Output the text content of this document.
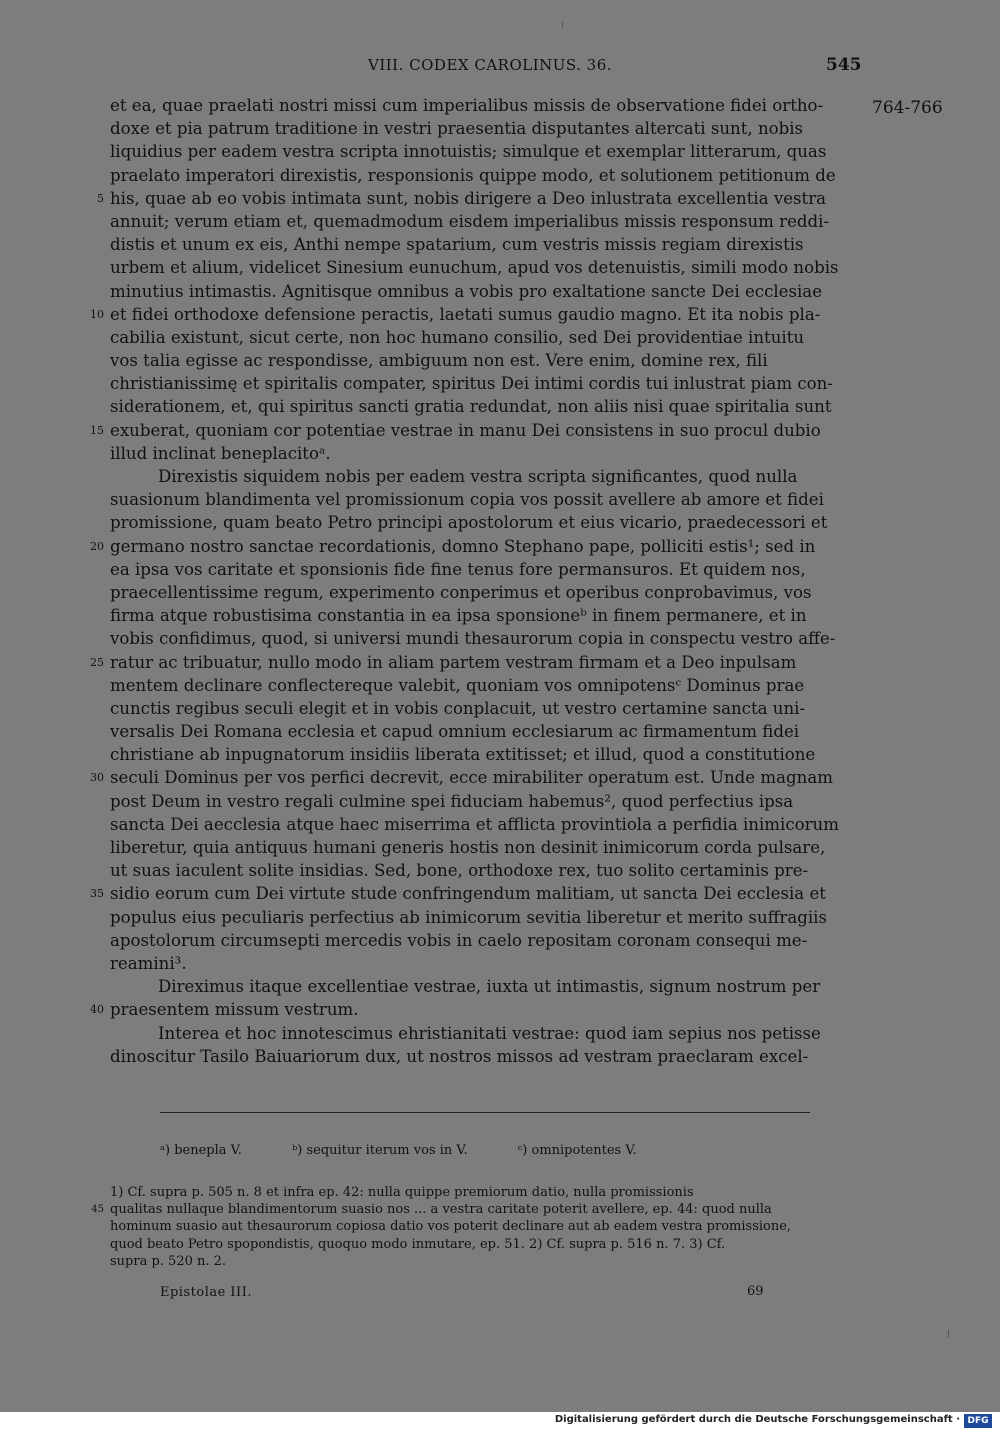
VIII. CODEX CAROLINUS. 36.	545
764-766
et ea, quae praelati nostri missi cum imperialibus missis de observatione fidei ortho-
doxe et pia patrum traditione in vestri praesentia disputantes altercati sunt, nobis
liquidius per eadem vestra scripta innotuistis; simulque et exemplar litterarum, quas
praelato imperatori direxistis, responsionis quippe modo, et solutionem petitionum de
5 his, quae ab eo vobis intimata sunt, nobis dirigere a Deo inlustrata excellentia vestra
annuit; verum etiam et, quemadmodum eisdem imperialibus missis responsum reddi-
distis et unum ex eis, Anthi nempe spatarium, cum vestris missis regiam direxistis
urbem et alium, videlicet Sinesium eunuchum, apud vos detenuistis, simili modo nobis
minutius intimastis. Agnitisque omnibus a vobis pro exaltatione sancte Dei ecclesiae
10 et fidei orthodoxe defensione peractis, laetati sumus gaudio magno. Et ita nobis pla-
cabilia existunt, sicut certe, non hoc humano consilio, sed Dei providentiae intuitu
vos talia egisse ac respondisse, ambiguum non est. Vere enim, domine rex, fili
christianissimę et spiritalis compater, spiritus Dei intimi cordis tui inlustrat piam con-
siderationem, et, qui spiritus sancti gratia redundat, non aliis nisi quae spiritalia sunt
15 exuberat, quoniam cor potentiae vestrae in manu Dei consistens in suo procul dubio
illud inclinat beneplacitoᵃ.
Direxistis siquidem nobis per eadem vestra scripta significantes, quod nulla
suasionum blandimenta vel promissionum copia vos possit avellere ab amore et fidei
promissione, quam beato Petro principi apostolorum et eius vicario, praedecessori et
20 germano nostro sanctae recordationis, domno Stephano pape, polliciti estis¹; sed in
ea ipsa vos caritate et sponsionis fide fine tenus fore permansuros. Et quidem nos,
praecellentissime regum, experimento conperimus et operibus conprobavimus, vos
firma atque robustisima constantia in ea ipsa sponsioneᵇ in finem permanere, et in
vobis confidimus, quod, si universi mundi thesaurorum copia in conspectu vestro affe-
25 ratur ac tribuatur, nullo modo in aliam partem vestram firmam et a Deo inpulsam
mentem declinare conflecterequе valebit, quoniam vos omnipotensᶜ Dominus prae
cunctis regibus seculi elegit et in vobis conplacuit, ut vestro certamine sancta uni-
versalis Dei Romana ecclesia et capud omnium ecclesiarum ac firmamentum fidei
christiane ab inpugnatorum insidiis liberata extitisset; et illud, quod a constitutione
30 seculi Dominus per vos perfici decrevit, ecce mirabiliter operatum est. Unde magnam
post Deum in vestro regali culmine spei fiduciam habemus², quod perfectius ipsa
sancta Dei aecclesia atque haec miserrima et afflicta provintiola a perfidia inimicorum
liberetur, quia antiquus humani generis hostis non desinit inimicorum corda pulsare,
ut suas iaculent solite insidias. Sed, bone, orthodoxe rex, tuo solito certaminis pre-
35 sidio eorum cum Dei virtute stude confringendum malitiam, ut sancta Dei ecclesia et
populus eius peculiaris perfectius ab inimicorum sevitia liberetur et merito suffragiis
apostolorum circumsepti mercedis vobis in caelo repositam coronam consequi me-
reamini³.
Direximus itaque excellentiae vestrae, iuxta ut intimastis, signum nostrum per
40 praesentem missum vestrum.
Interea et hoc innotescimus ehristianitati vestrae: quod iam sepius nos petisse
dinoscitur Tasilo Baiuariorum dux, ut nostros missos ad vestram praeclaram excel-
ᵃ) benepla V.	ᵇ) sequitur iterum vos in V.	ᶜ) omnipotentes V.
1) Cf. supra p. 505 n. 8 et infra ep. 42: nulla quippe premiorum datio, nulla promissionis
45 qualitas nullaque blandimentorum suasio nos ... a vestra caritate poterit avellere, ep. 44: quod nulla
hominum suasio aut thesaurorum copiosa datio vos poterit declinare aut ab eadem vestra promissione,
quod beato Petro spopondistis, quoquo modo inmutare, ep. 51. 2) Cf. supra p. 516 n. 7. 3) Cf.
supra p. 520 n. 2.
Epistolae III.	69
Digitalisierung gefördert durch die Deutsche Forschungsgemeinschaft · DFG
